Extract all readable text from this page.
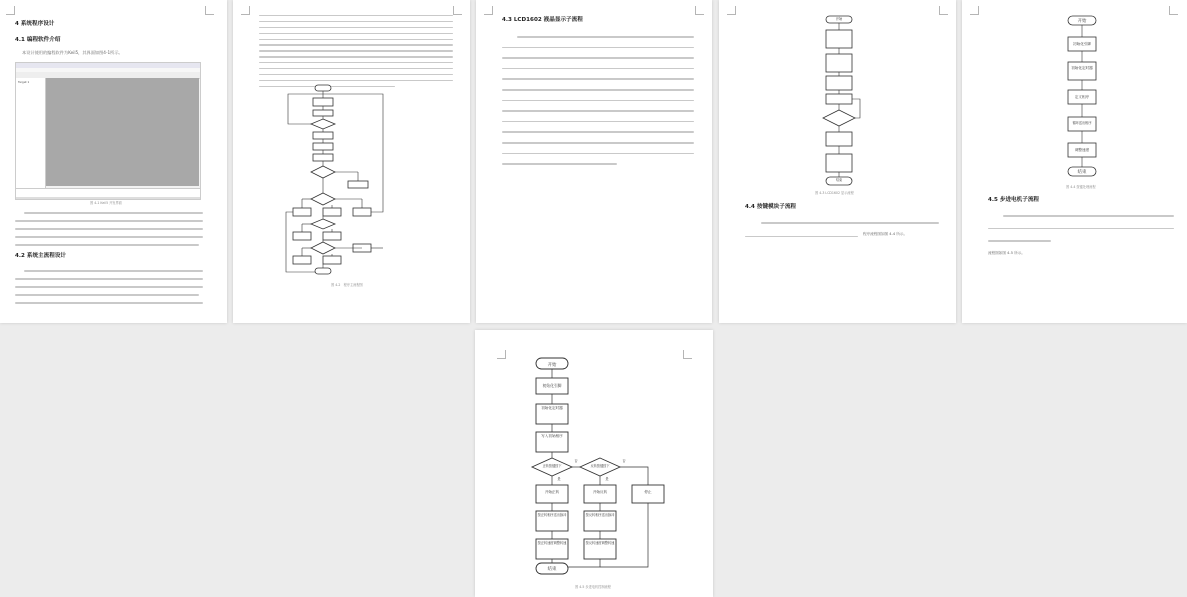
4 系统程序设计
4.1 编程软件介绍
本设计使用的编程软件为Keil5，其界面如图4-1所示。
Target 1
图 4-1 Keil5 开发界面
4.2 系统主流程设计
图 4-2　程序主流程图
4.3 LCD1602 液晶显示子流程	开始
结束
图 4-3 LCD1602 显示流程
4.4 按键模块子流程
程序流程图如图 4-4 所示。
开始
初始化引脚
初始化定时器
定义相序
循环送出相序
调整速度
结束
图 4-4 按键处理流程
4.5 步进电机子流程
流程图如图 4-5 所示。
开始
初始化引脚
初始化定时器
写入初始相序
正转按键按下	反转按键按下
是
否
是
否
开始正转	开始反转	停止
按正转相序送出脉冲	按反转相序送出脉冲
按正转速度调整转速	按反转速度调整转速
结束
图 4-5 步进电机控制流程
